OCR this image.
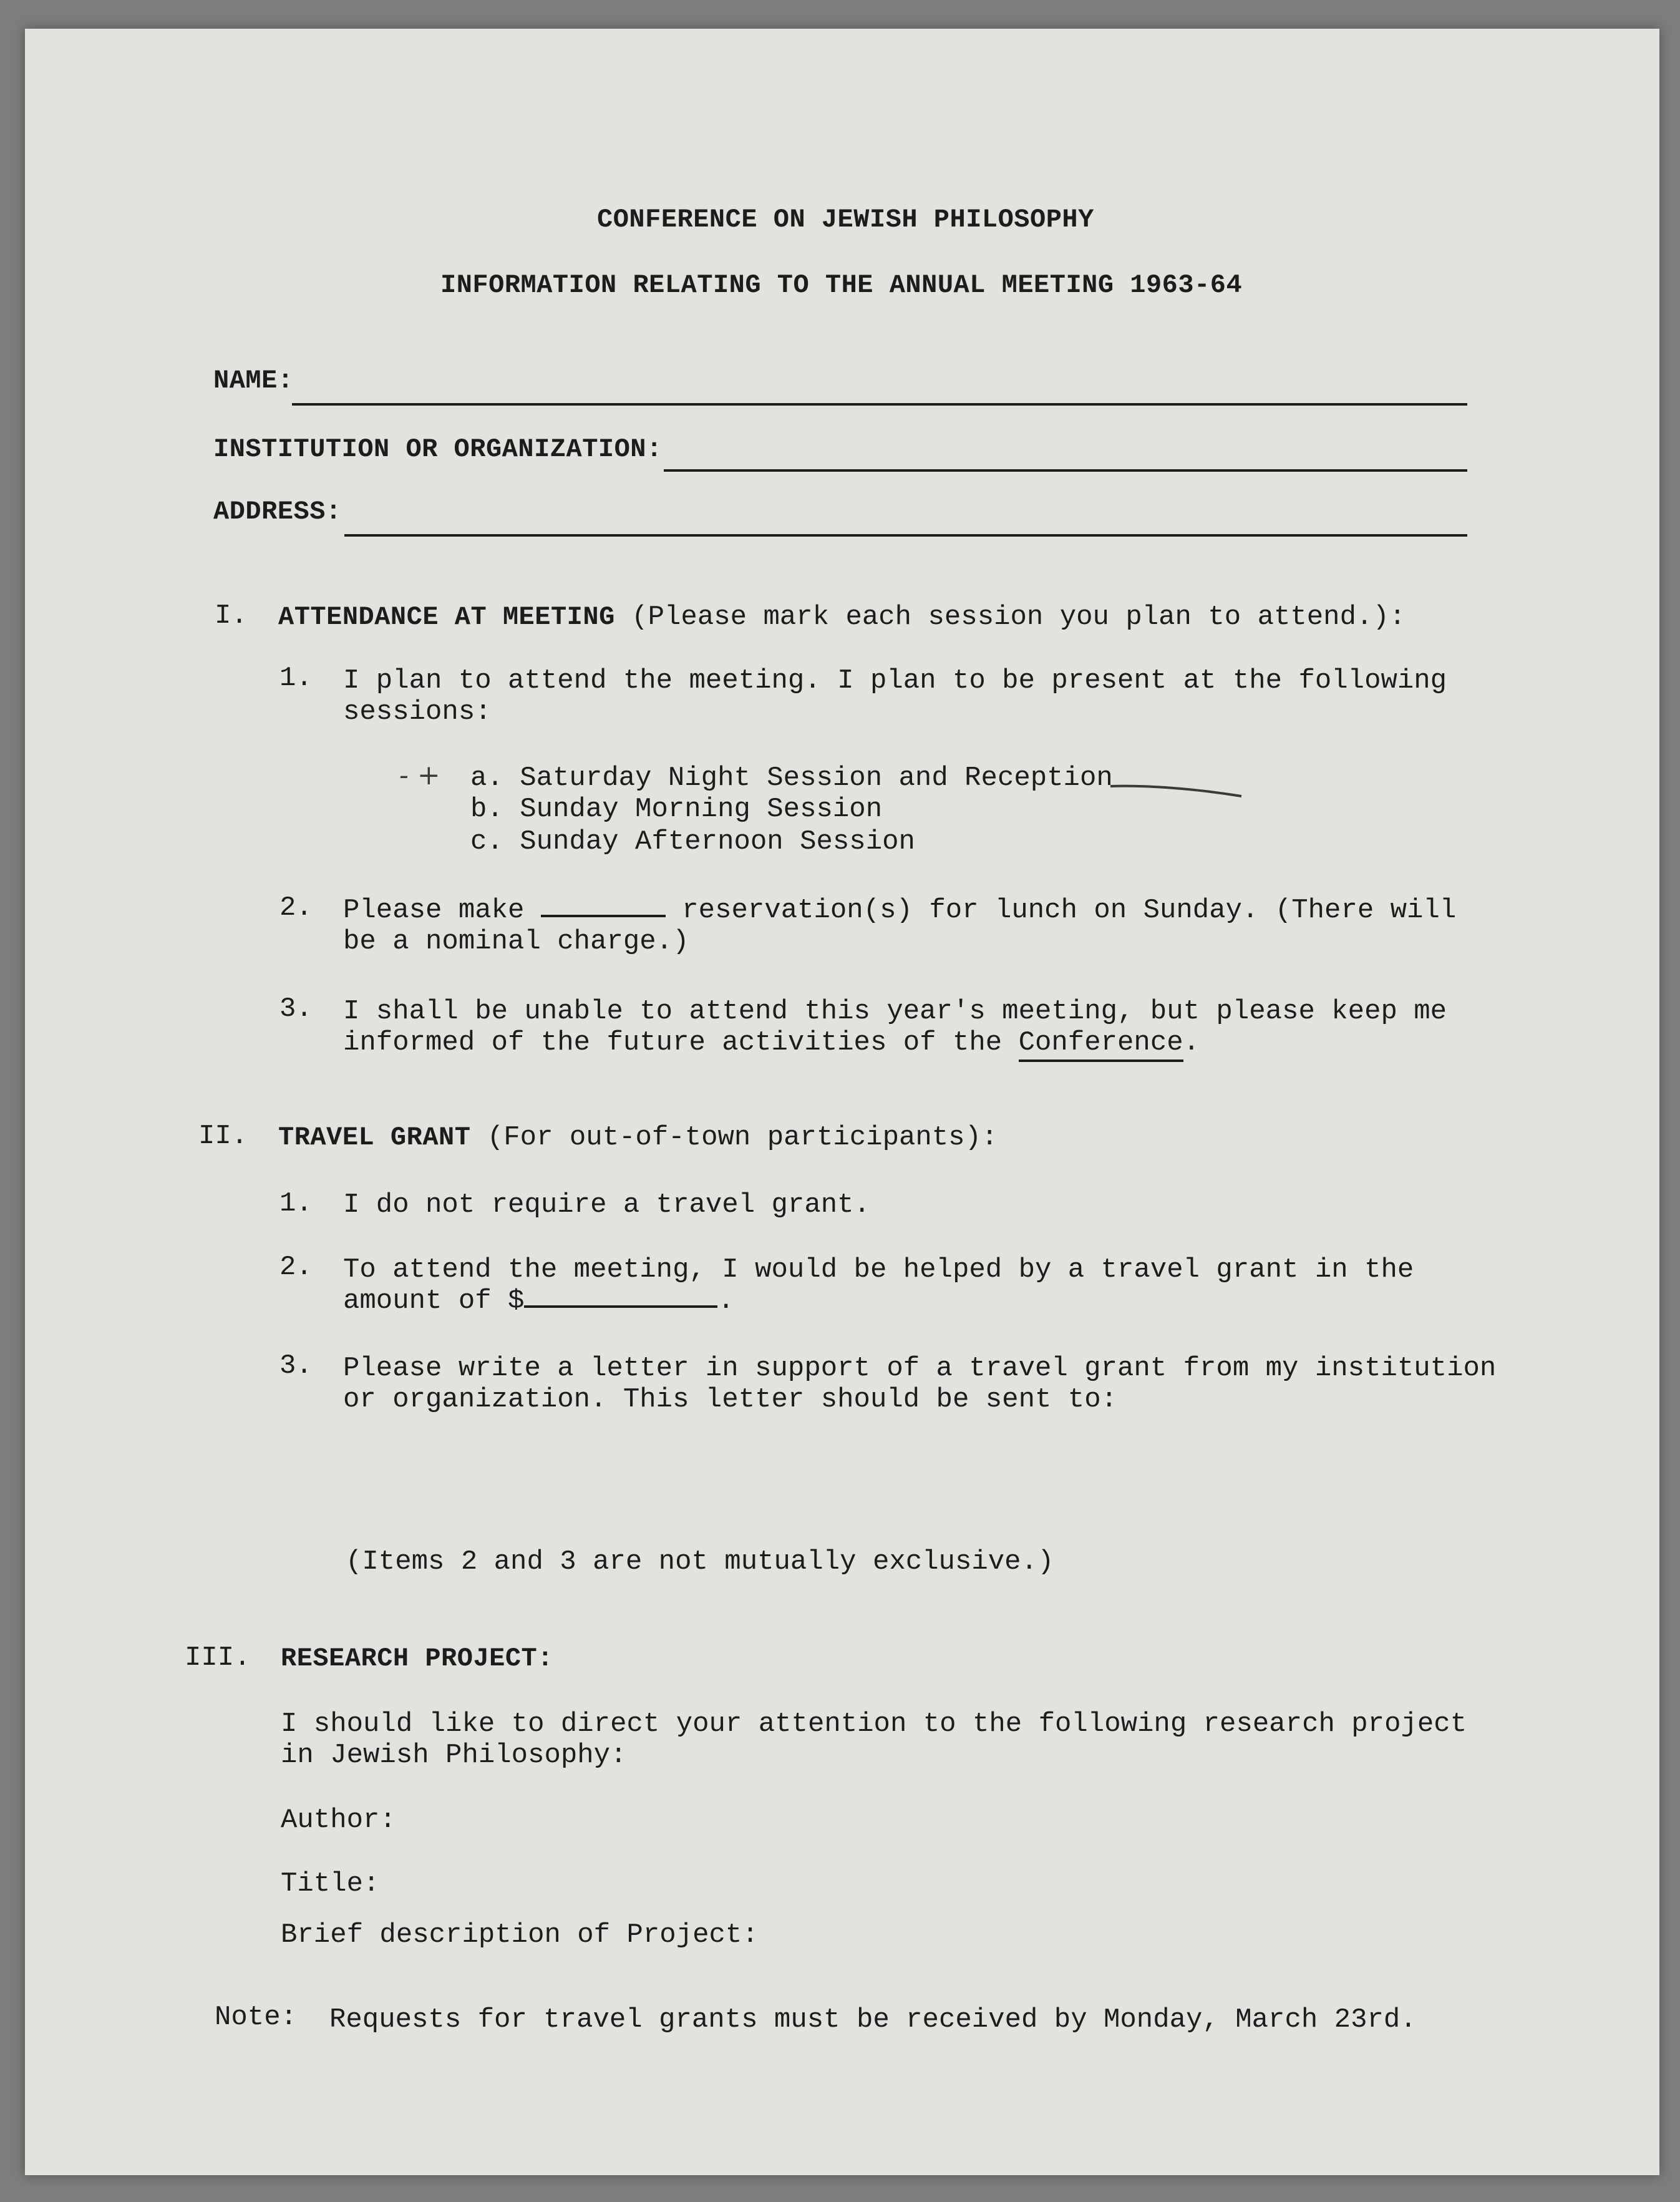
CONFERENCE ON JEWISH PHILOSOPHY
INFORMATION RELATING TO THE ANNUAL MEETING 1963-64
NAME:
INSTITUTION OR ORGANIZATION:
ADDRESS:
I. ATTENDANCE AT MEETING (Please mark each session you plan to attend.):
1. I plan to attend the meeting. I plan to be present at the following
sessions:
- + a. Saturday Night Session and Reception
b. Sunday Morning Session
c. Sunday Afternoon Session
2. Please make	reservation(s) for lunch on Sunday. (There will
be a nominal charge.)
3. I shall be unable to attend this year's meeting, but please keep me
informed of the future activities of the Conference.
II. TRAVEL GRANT (For out-of-town participants):
1. I do not require a travel grant.
2. To attend the meeting, I would be helped by a travel grant in the
amount of $	.
3. Please write a letter in support of a travel grant from my institution
or organization. This letter should be sent to:
(Items 2 and 3 are not mutually exclusive.)
III. RESEARCH PROJECT:
I should like to direct your attention to the following research project
in Jewish Philosophy:
Author:
Title:
Brief description of Project:
Note: Requests for travel grants must be received by Monday, March 23rd.
